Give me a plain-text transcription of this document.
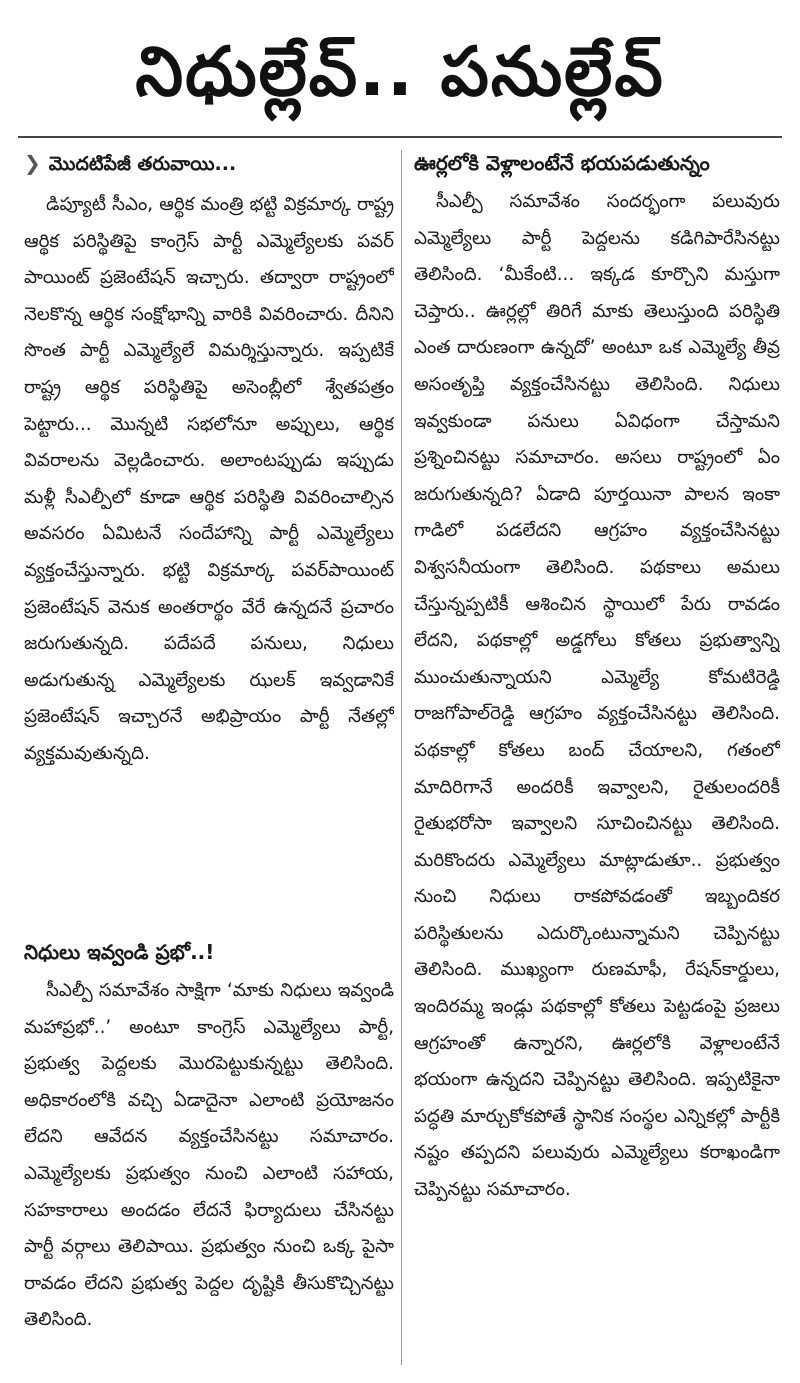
నిధుల్లేవ్.. పనుల్లేవ్
❯ మొదటిపేజీ తరువాయి...

డిప్యూటీ సీఎం, ఆర్థిక మంత్రి భట్టి విక్రమార్క రాష్ట్ర ఆర్థిక పరిస్థితిపై కాంగ్రెస్ పార్టీ ఎమ్మెల్యేలకు పవర్ పాయింట్ ప్రజెంటేషన్ ఇచ్చారు. తద్వారా రాష్ట్రంలో నెలకొన్న ఆర్థిక సంక్షోభాన్ని వారికి వివరించారు. దీనిని సొంత పార్టీ ఎమ్మెల్యేలే విమర్శిస్తున్నారు. ఇప్పటికే రాష్ట్ర ఆర్థిక పరిస్థితిపై అసెంబ్లీలో శ్వేతపత్రం పెట్టారు... మొన్నటి సభలోనూ అప్పులు, ఆర్థిక వివరాలను వెల్లడించారు. అలాంటప్పుడు ఇప్పుడు మళ్లీ సీఎల్పీలో కూడా ఆర్థిక పరిస్థితి వివరించాల్సిన అవసరం ఏమిటనే సందేహాన్ని పార్టీ ఎమ్మెల్యేలు వ్యక్తంచేస్తున్నారు. భట్టి విక్రమార్క పవర్‌పాయింట్ ప్రజెంటేషన్ వెనుక అంతరార్థం వేరే ఉన్నదనే ప్రచారం జరుగుతున్నది. పదేపదే పనులు, నిధులు అడుగుతున్న ఎమ్మెల్యేలకు ఝలక్ ఇవ్వడానికే ప్రజెంటేషన్ ఇచ్చారనే అభిప్రాయం పార్టీ నేతల్లో వ్యక్తమవుతున్నది.

నిధులు ఇవ్వండి ప్రభో..!

సీఎల్పీ సమావేశం సాక్షిగా ‘మాకు నిధులు ఇవ్వండి మహాప్రభో..’ అంటూ కాంగ్రెస్ ఎమ్మెల్యేలు పార్టీ, ప్రభుత్వ పెద్దలకు మొరపెట్టుకున్నట్టు తెలిసింది. అధికారంలోకి వచ్చి ఏడాదైనా ఎలాంటి ప్రయోజనం లేదని ఆవేదన వ్యక్తంచేసినట్టు సమాచారం. ఎమ్మెల్యేలకు ప్రభుత్వం నుంచి ఎలాంటి సహాయ, సహకారాలు అందడం లేదనే ఫిర్యాదులు చేసినట్టు పార్టీ వర్గాలు తెలిపాయి. ప్రభుత్వం నుంచి ఒక్క పైసా రావడం లేదని ప్రభుత్వ పెద్దల దృష్టికి తీసుకొచ్చినట్టు తెలిసింది.

ఊర్లలోకి వెళ్లాలంటేనే భయపడుతున్నం

సీఎల్పీ సమావేశం సందర్భంగా పలువురు ఎమ్మెల్యేలు పార్టీ పెద్దలను కడిగిపారేసినట్టు తెలిసింది. ‘మీకేంటి... ఇక్కడ కూర్చొని మస్తుగా చెప్తారు.. ఊర్లల్లో తిరిగే మాకు తెలుస్తుంది పరిస్థితి ఎంత దారుణంగా ఉన్నదో’ అంటూ ఒక ఎమ్మెల్యే తీవ్ర అసంతృప్తి వ్యక్తంచేసినట్టు తెలిసింది. నిధులు ఇవ్వకుండా పనులు ఏవిధంగా చేస్తామని ప్రశ్నించినట్టు సమాచారం. అసలు రాష్ట్రంలో ఏం జరుగుతున్నది? ఏడాది పూర్తయినా పాలన ఇంకా గాడిలో పడలేదని ఆగ్రహం వ్యక్తంచేసినట్టు విశ్వసనీయంగా తెలిసింది. పథకాలు అమలు చేస్తున్నప్పటికీ ఆశించిన స్థాయిలో పేరు రావడం లేదని, పథకాల్లో అడ్డగోలు కోతలు ప్రభుత్వాన్ని ముంచుతున్నాయని ఎమ్మెల్యే కోమటిరెడ్డి రాజగోపాల్‌రెడ్డి ఆగ్రహం వ్యక్తంచేసినట్టు తెలిసింది. పథకాల్లో కోతలు బంద్ చేయాలని, గతంలో మాదిరిగానే అందరికీ ఇవ్వాలని, రైతులందరికీ రైతుభరోసా ఇవ్వాలని సూచించినట్టు తెలిసింది. మరికొందరు ఎమ్మెల్యేలు మాట్లాడుతూ.. ప్రభుత్వం నుంచి నిధులు రాకపోవడంతో ఇబ్బందికర పరిస్థితులను ఎదుర్కొంటున్నామని చెప్పినట్టు తెలిసింది. ముఖ్యంగా రుణమాఫీ, రేషన్‌కార్డులు, ఇందిరమ్మ ఇండ్లు పథకాల్లో కోతలు పెట్టడంపై ప్రజలు ఆగ్రహంతో ఉన్నారని, ఊర్లలోకి వెళ్లాలంటేనే భయంగా ఉన్నదని చెప్పినట్టు తెలిసింది. ఇప్పటికైనా పద్ధతి మార్చుకోకపోతే స్థానిక సంస్థల ఎన్నికల్లో పార్టీకి నష్టం తప్పదని పలువురు ఎమ్మెల్యేలు కరాఖండిగా చెప్పినట్టు సమాచారం.
